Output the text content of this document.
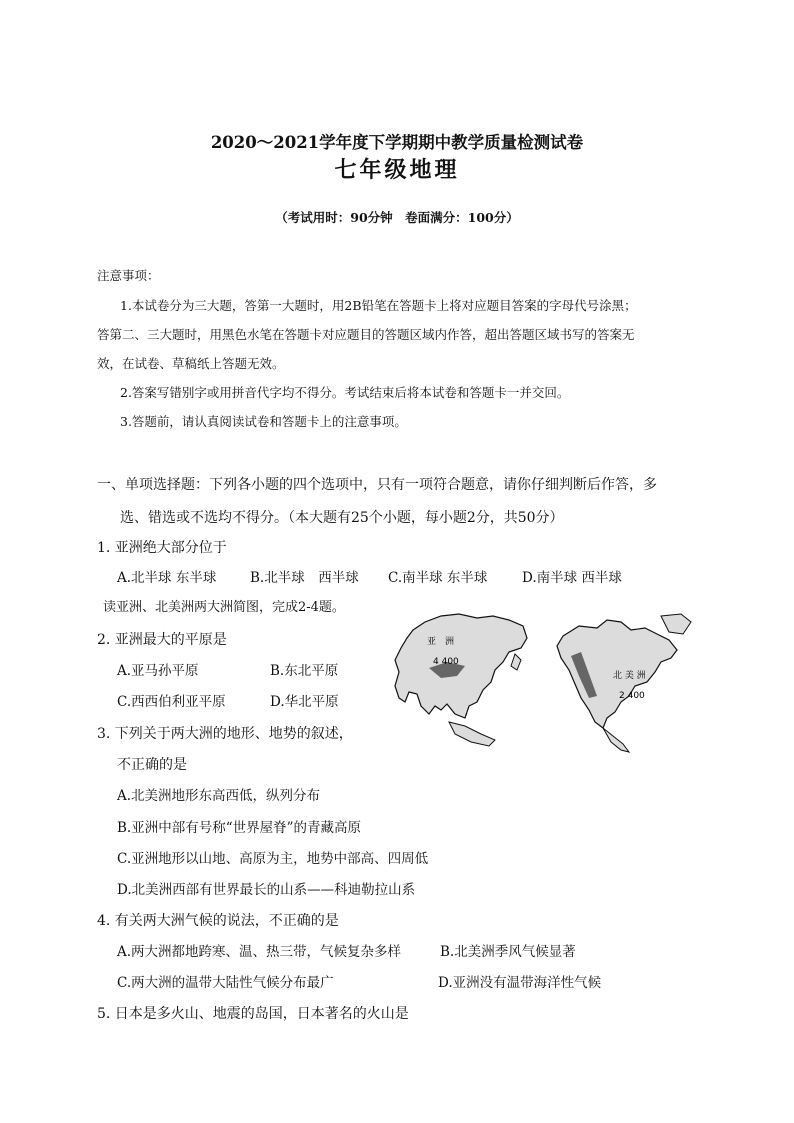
2020～2021学年度下学期期中教学质量检测试卷
七年级地理
（考试用时：90分钟　卷面满分：100分）
注意事项：
1.本试卷分为三大题，答第一大题时，用2B铅笔在答题卡上将对应题目答案的字母代号涂黑；
答第二、三大题时，用黑色水笔在答题卡对应题目的答题区域内作答，超出答题区域书写的答案无
效，在试卷、草稿纸上答题无效。
2.答案写错别字或用拼音代字均不得分。考试结束后将本试卷和答题卡一并交回。
3.答题前，请认真阅读试卷和答题卡上的注意事项。
一、单项选择题：下列各小题的四个选项中，只有一项符合题意，请你仔细判断后作答，多
选、错选或不选均不得分。（本大题有25个小题，每小题2分，共50分）
1. 亚洲绝大部分位于
A.北半球 东半球 B.北半球　西半球 C.南半球 东半球	D.南半球 西半球
读亚洲、北美洲两大洲简图，完成2-4题。
2. 亚洲最大的平原是
A.亚马孙平原	B.东北平原
C.西西伯利亚平原	D.华北平原
3. 下列关于两大洲的地形、地势的叙述，
不正确的是
A.北美洲地形东高西低，纵列分布
B.亚洲中部有号称“世界屋脊”的青藏高原
C.亚洲地形以山地、高原为主，地势中部高、四周低
D.北美洲西部有世界最长的山系——科迪勒拉山系
4. 有关两大洲气候的说法，不正确的是
A.两大洲都地跨寒、温、热三带，气候复杂多样	B.北美洲季风气候显著
C.两大洲的温带大陆性气候分布最广	D.亚洲没有温带海洋性气候
5. 日本是多火山、地震的岛国，日本著名的火山是
亚　洲
4 400
北 美 洲
2 400
